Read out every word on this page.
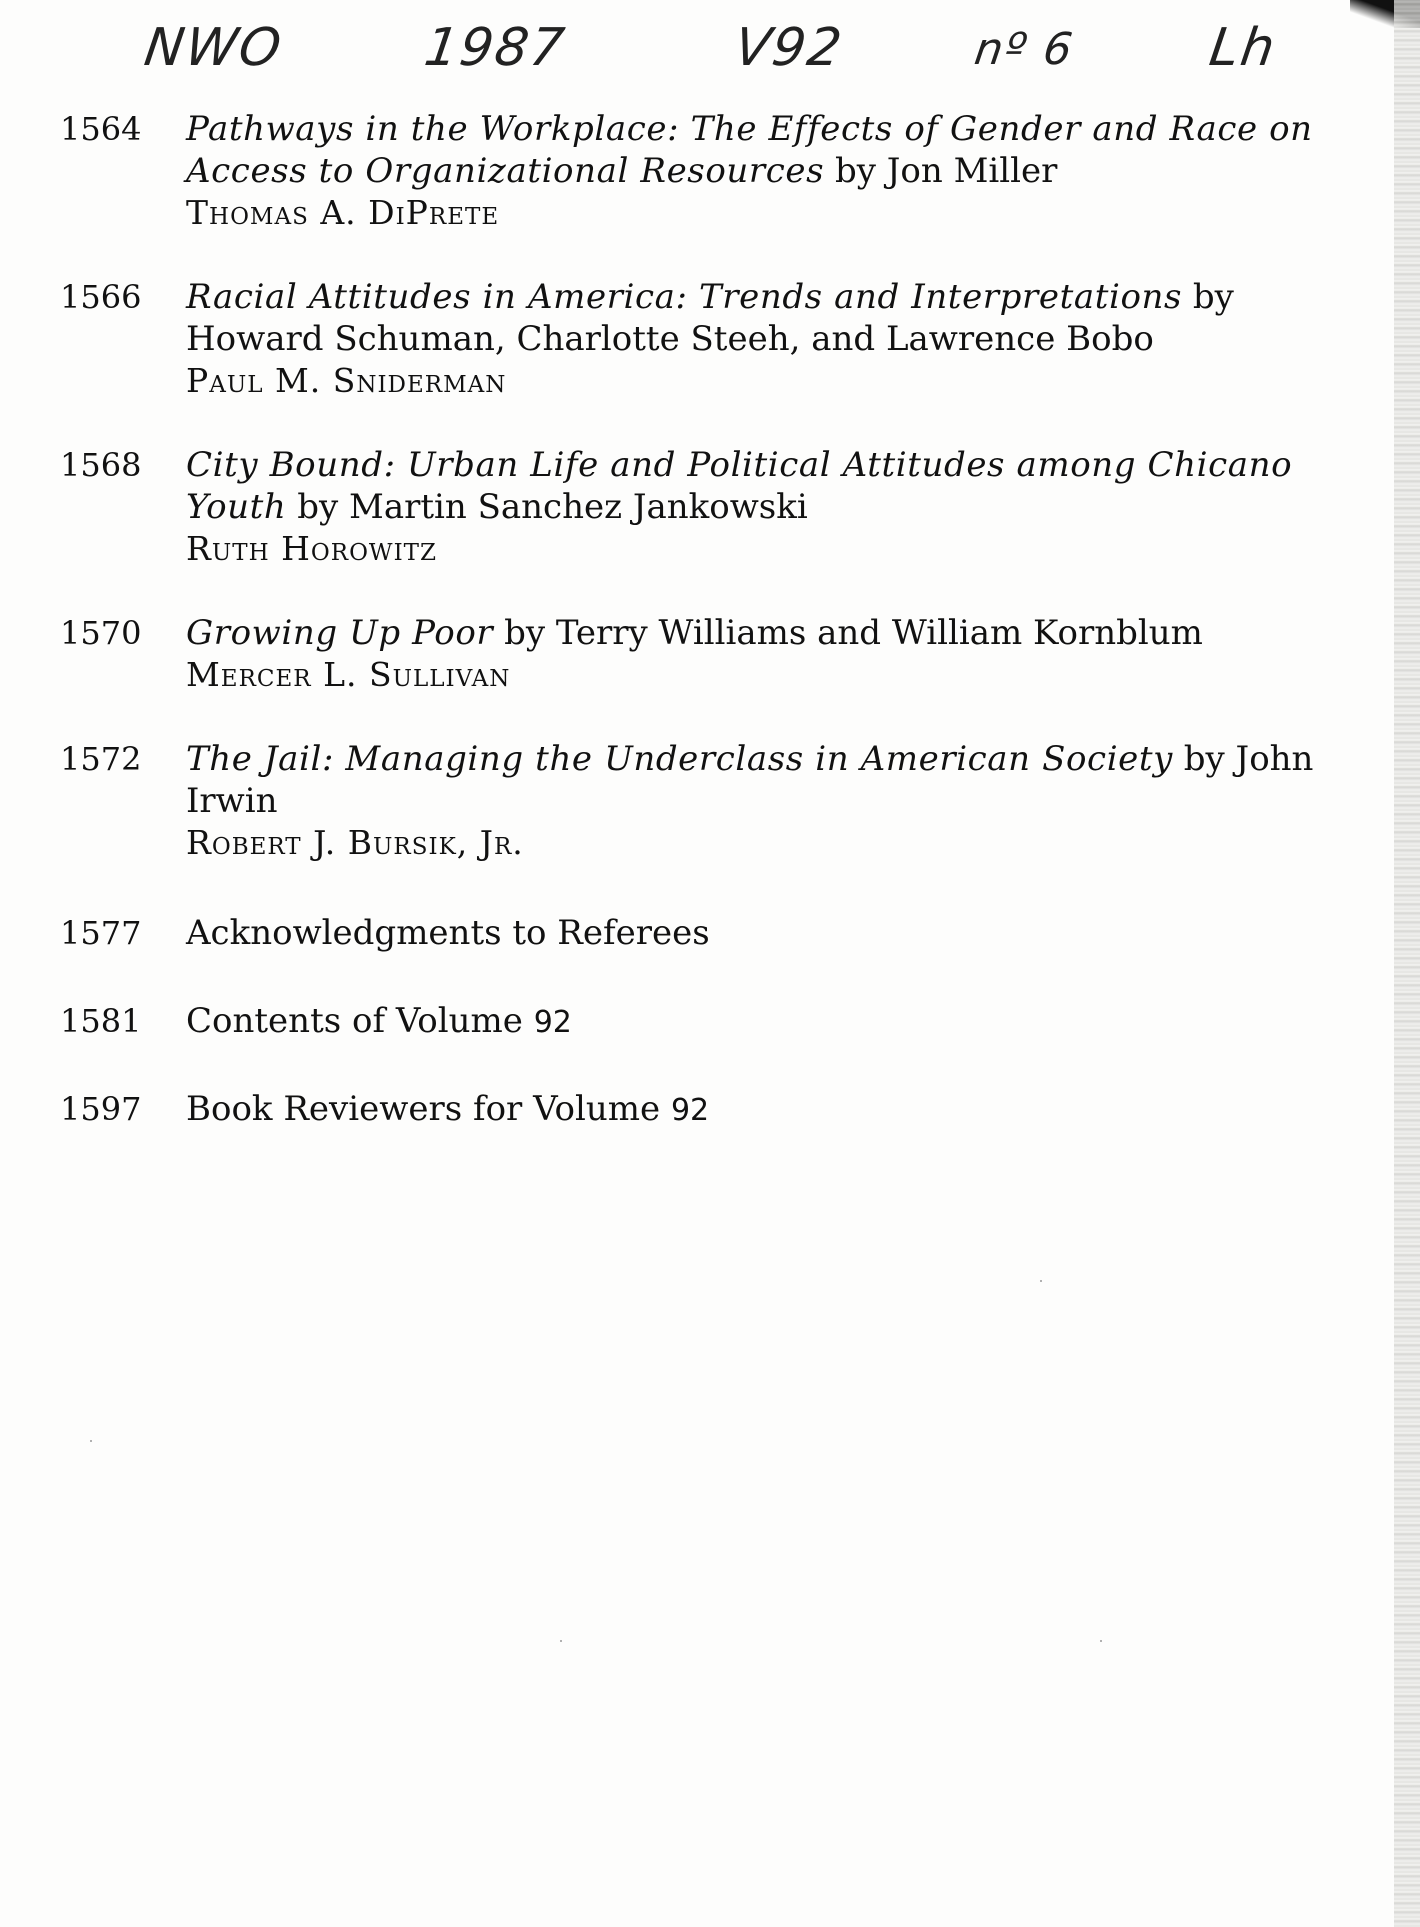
NWO	1987	V92	nº 6 Lh
1564	Pathways in the Workplace: The Effects of Gender and Race on Access to Organizational Resources by Jon Miller
Thomas A. DiPrete
1566	Racial Attitudes in America: Trends and Interpretations by Howard Schuman, Charlotte Steeh, and Lawrence Bobo
Paul M. Sniderman
1568	City Bound: Urban Life and Political Attitudes among Chicano Youth by Martin Sanchez Jankowski
Ruth Horowitz
1570	Growing Up Poor by Terry Williams and William Kornblum
Mercer L. Sullivan
1572	The Jail: Managing the Underclass in American Society by John Irwin
Robert J. Bursik, Jr.
1577	Acknowledgments to Referees
1581	Contents of Volume 92
1597	Book Reviewers for Volume 92
